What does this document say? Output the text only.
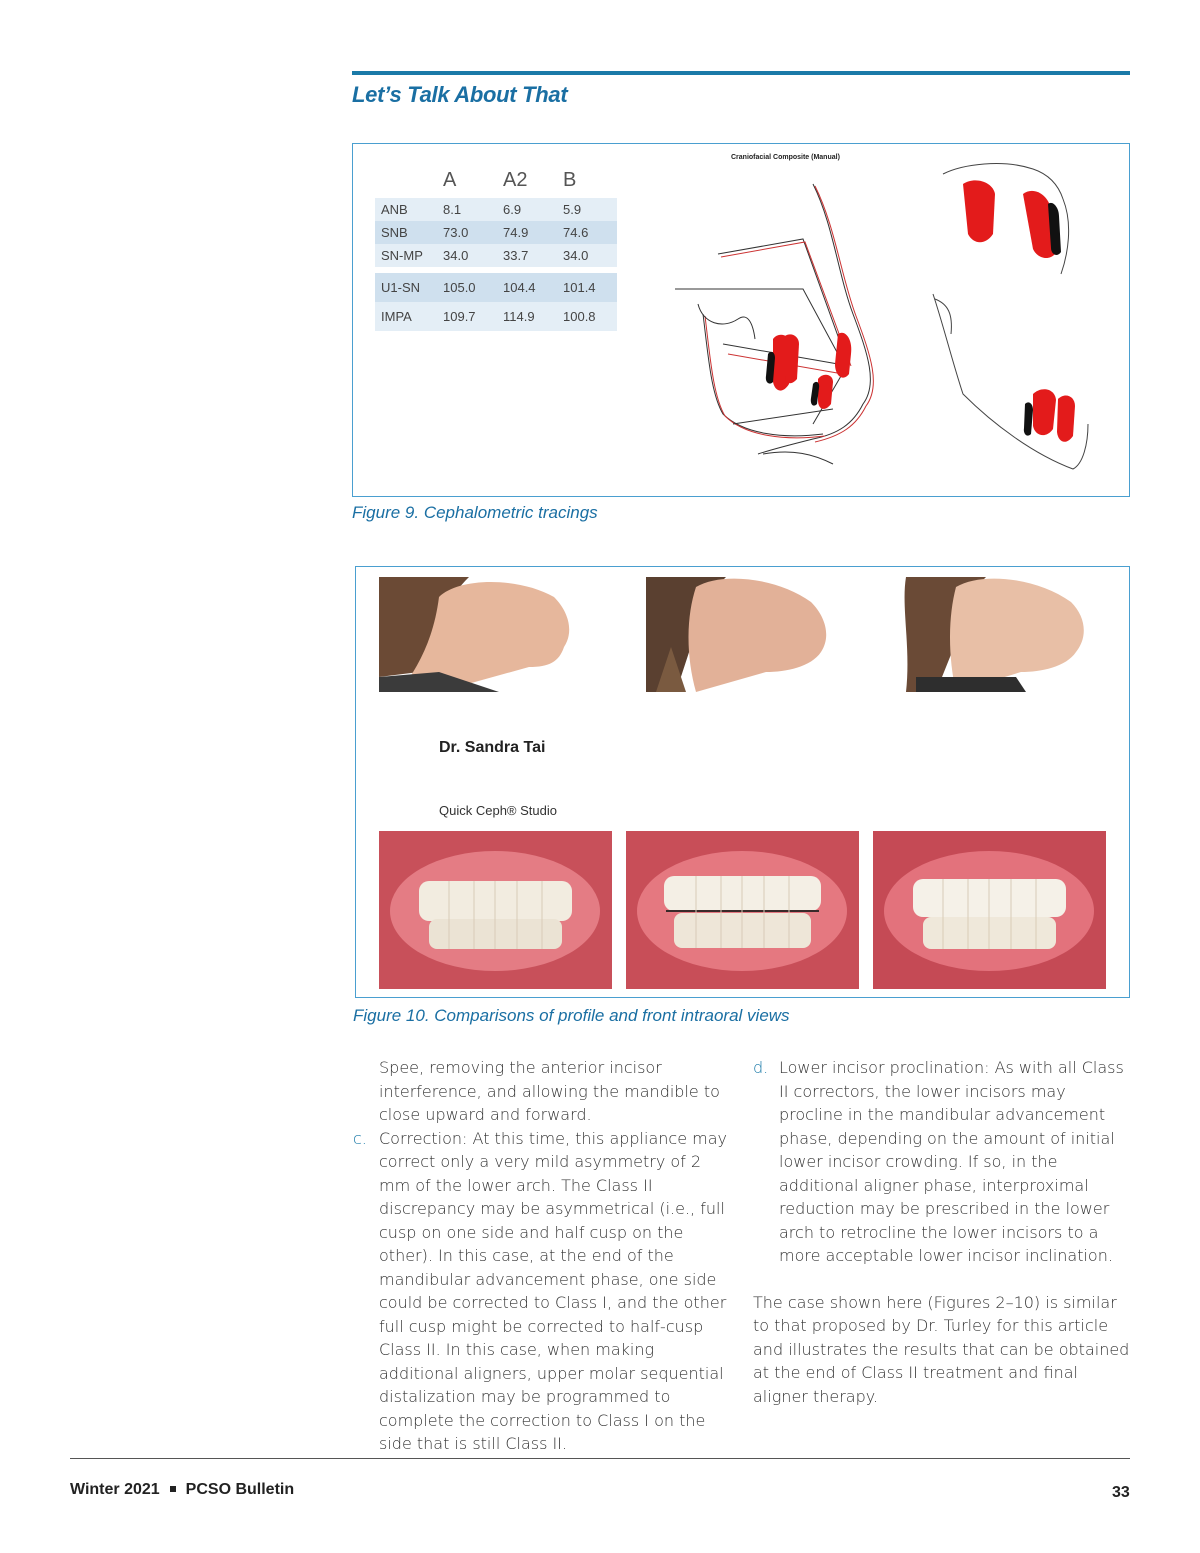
Let’s Talk About That
	A	A2	B
ANB	8.1	6.9	5.9
SNB	73.0	74.9	74.6
SN-MP	34.0	33.7	34.0

U1-SN	105.0	104.4	101.4
IMPA	109.7	114.9	100.8
Craniofacial Composite (Manual)
Figure 9. Cephalometric tracings
Dr. Sandra Tai
Quick Ceph® Studio
Figure 10. Comparisons of profile and front intraoral views

Spee, removing the anterior incisor interference, and allowing the mandible to close upward and forward.

c. Correction: At this time, this appliance may correct only a very mild asymmetry of 2 mm of the lower arch. The Class II discrepancy may be asymmetrical (i.e., full cusp on one side and half cusp on the other). In this case, at the end of the mandibular advancement phase, one side could be corrected to Class I, and the other full cusp might be corrected to half-cusp Class II. In this case, when making additional aligners, upper molar sequential distalization may be programmed to complete the correction to Class I on the side that is still Class II.

d. Lower incisor proclination: As with all Class II correctors, the lower incisors may procline in the mandibular advancement phase, depending on the amount of initial lower incisor crowding. If so, in the additional aligner phase, interproximal reduction may be prescribed in the lower arch to retrocline the lower incisors to a more acceptable lower incisor inclination.

The case shown here (Figures 2–10) is similar to that proposed by Dr. Turley for this article and illustrates the results that can be obtained at the end of Class II treatment and final aligner therapy.

Winter 2021 PCSO Bulletin	33
